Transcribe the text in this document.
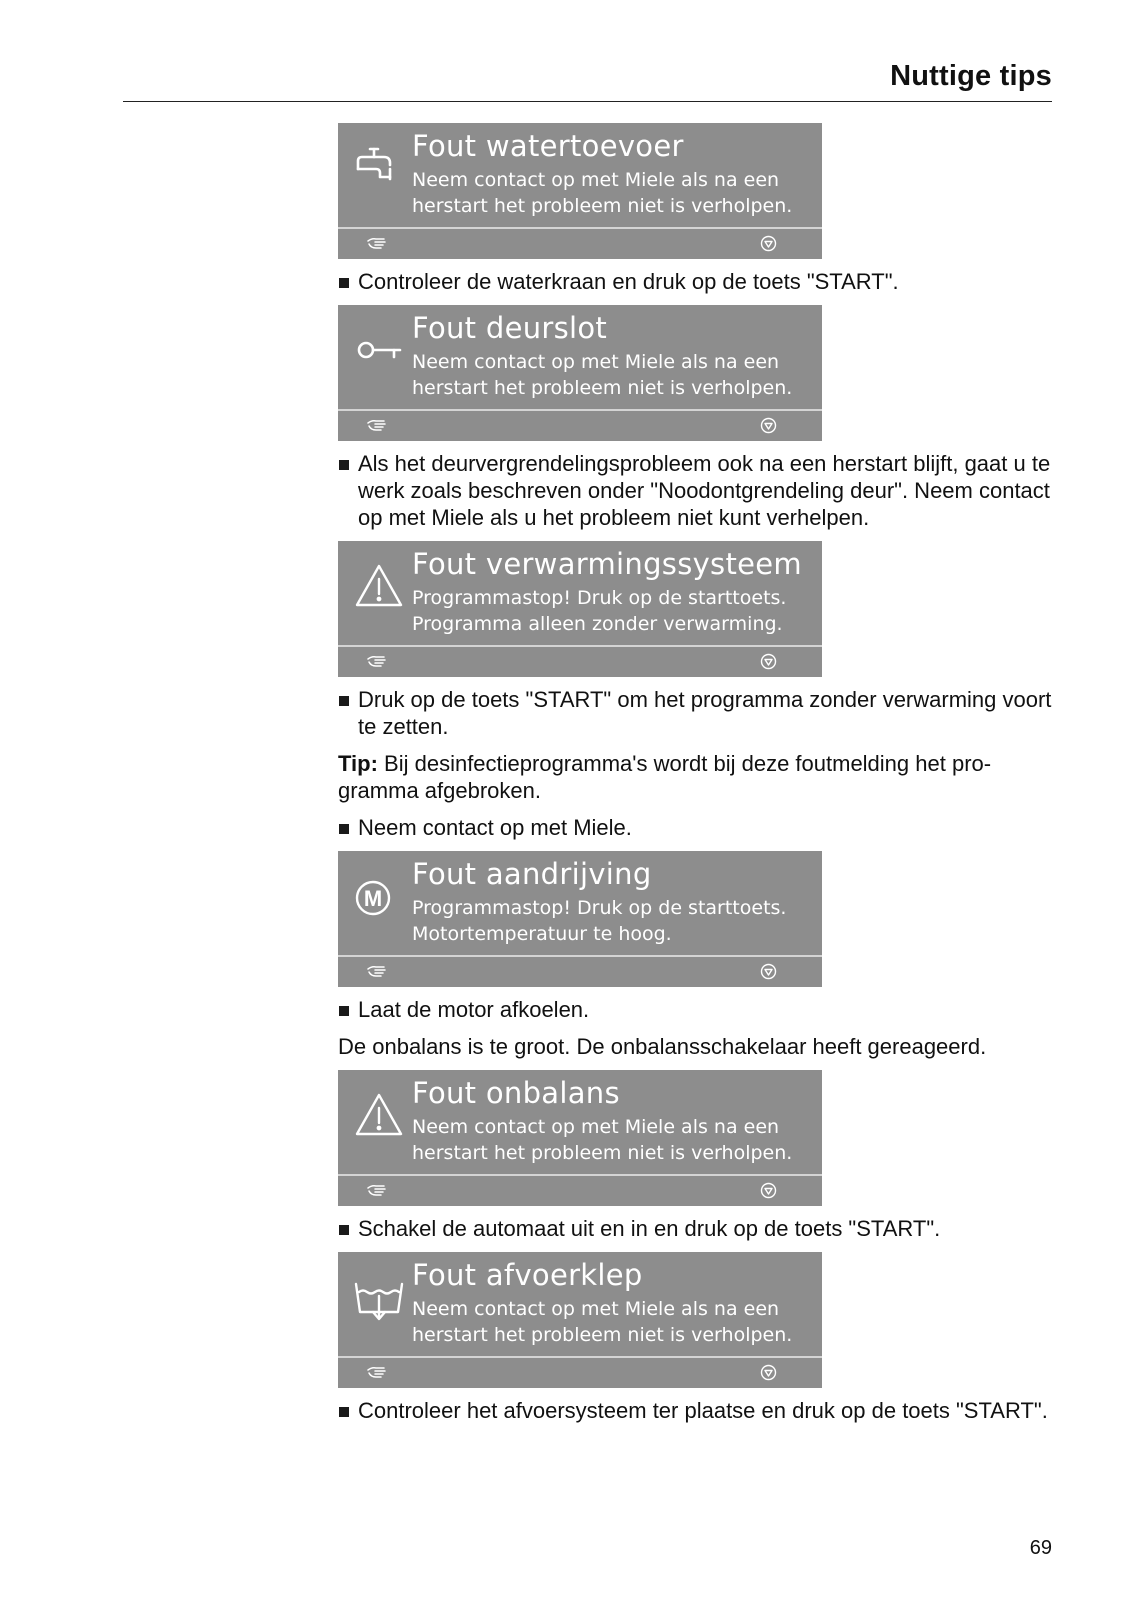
Nuttige tips
Fout watertoevoer
Neem contact op met Miele als na een
herstart het probleem niet is verholpen.
Controleer de waterkraan en druk op de toets "START".
Fout deurslot
Neem contact op met Miele als na een
herstart het probleem niet is verholpen.
Als het deurvergrendelingsprobleem ook na een herstart blijft, gaat u te werk zoals beschreven onder "Noodontgrendeling deur". Neem contact op met Miele als u het probleem niet kunt verhelpen.
Fout verwarmingssysteem
Programmastop! Druk op de starttoets.
Programma alleen zonder verwarming.
Druk op de toets "START" om het programma zonder verwarming voort te zetten.
Tip: Bij desinfectieprogramma's wordt bij deze foutmelding het pro-gramma afgebroken.
Neem contact op met Miele.
M
Fout aandrijving
Programmastop! Druk op de starttoets.
Motortemperatuur te hoog.
Laat de motor afkoelen.
De onbalans is te groot. De onbalansschakelaar heeft gereageerd.
Fout onbalans
Neem contact op met Miele als na een
herstart het probleem niet is verholpen.
Schakel de automaat uit en in en druk op de toets "START".
Fout afvoerklep
Neem contact op met Miele als na een
herstart het probleem niet is verholpen.
Controleer het afvoersysteem ter plaatse en druk op de toets "START".
69
